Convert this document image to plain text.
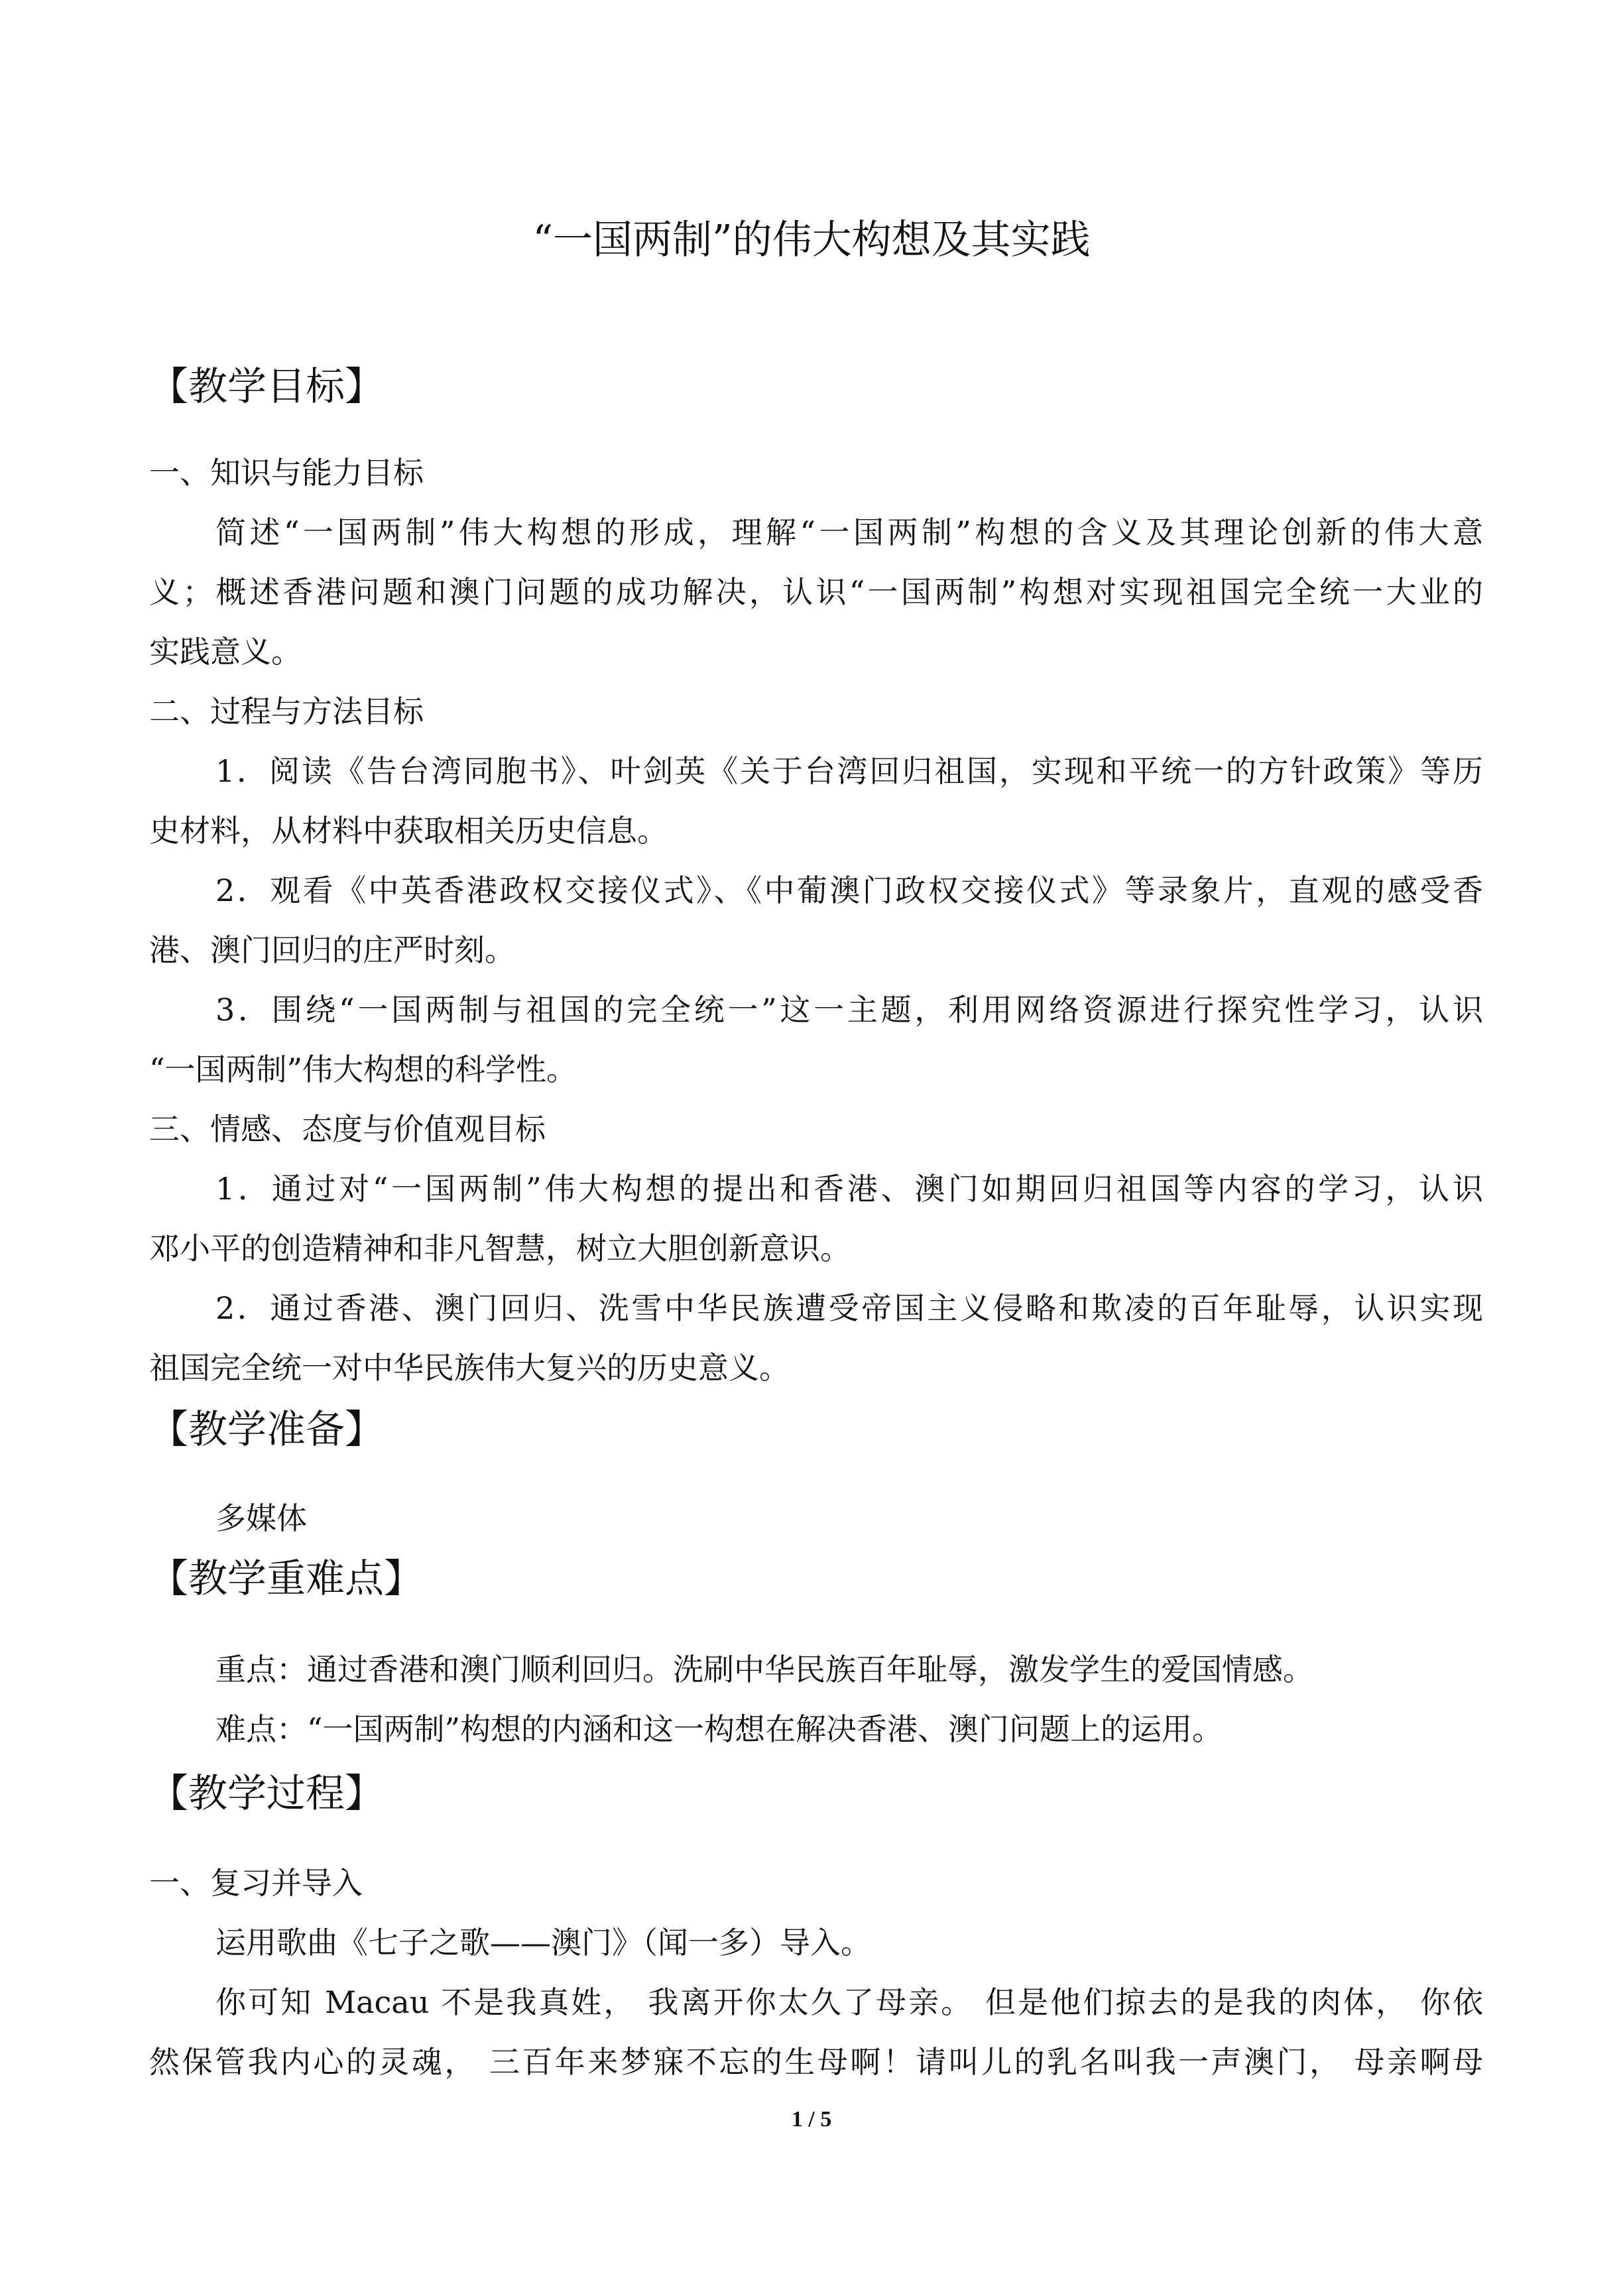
“一国两制”的伟大构想及其实践
【教学目标】
一、知识与能力目标
简述“一国两制”伟大构想的形成，理解“一国两制”构想的含义及其理论创新的伟大意
义；概述香港问题和澳门问题的成功解决，认识“一国两制”构想对实现祖国完全统一大业的
实践意义。
二、过程与方法目标
1．阅读《告台湾同胞书》、叶剑英《关于台湾回归祖国，实现和平统一的方针政策》等历
史材料，从材料中获取相关历史信息。
2．观看《中英香港政权交接仪式》、《中葡澳门政权交接仪式》等录象片，直观的感受香
港、澳门回归的庄严时刻。
3．围绕“一国两制与祖国的完全统一”这一主题，利用网络资源进行探究性学习，认识
“一国两制”伟大构想的科学性。
三、情感、态度与价值观目标
1．通过对“一国两制”伟大构想的提出和香港、澳门如期回归祖国等内容的学习，认识
邓小平的创造精神和非凡智慧，树立大胆创新意识。
2．通过香港、澳门回归、洗雪中华民族遭受帝国主义侵略和欺凌的百年耻辱，认识实现
祖国完全统一对中华民族伟大复兴的历史意义。
【教学准备】
多媒体
【教学重难点】
重点：通过香港和澳门顺利回归。洗刷中华民族百年耻辱，激发学生的爱国情感。
难点：“一国两制”构想的内涵和这一构想在解决香港、澳门问题上的运用。
【教学过程】
一、复习并导入
运用歌曲《七子之歌——澳门》（闻一多）导入。
你可知 Macau 不是我真姓， 我离开你太久了母亲。 但是他们掠去的是我的肉体， 你依
然保管我内心的灵魂， 三百年来梦寐不忘的生母啊！请叫儿的乳名叫我一声澳门， 母亲啊母
1 / 5
